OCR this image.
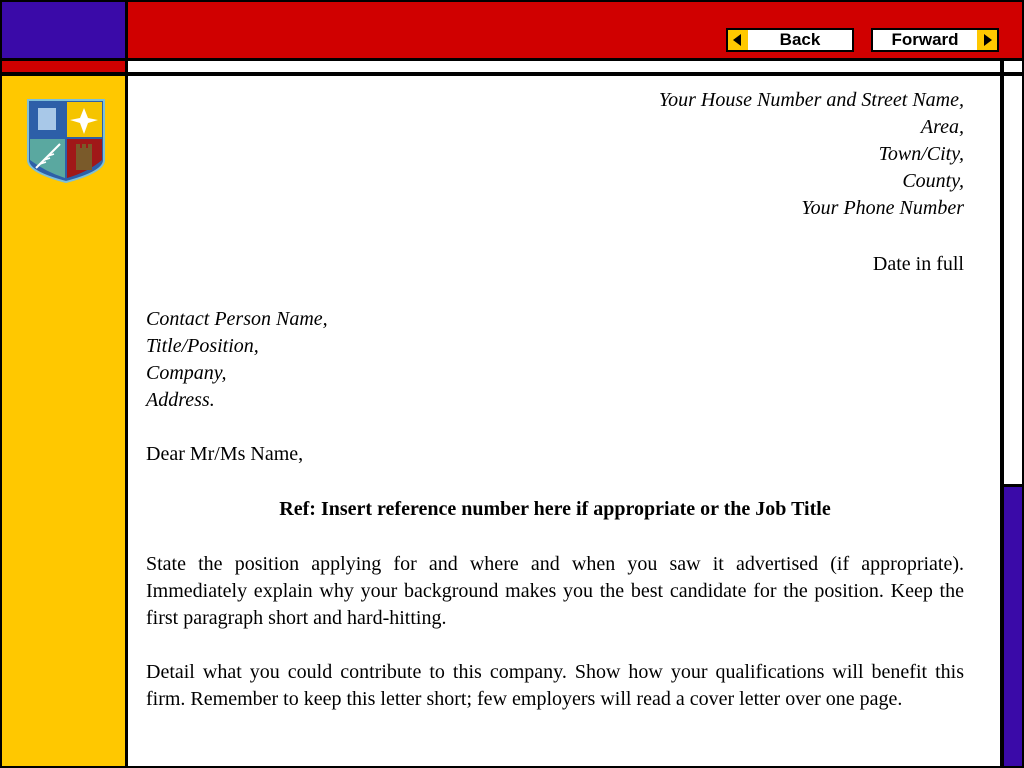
Back	Forward
Your House Number and Street Name,
Area,
Town/City,
County,
Your Phone Number
Date in full
Contact Person Name,
Title/Position,
Company,
Address.
Dear Mr/Ms Name,
Ref: Insert reference number here if appropriate or the Job Title
State the position applying for and where and when you saw it advertised (if appropriate). Immediately explain why your background makes you the best candidate for the position. Keep the first paragraph short and hard-hitting.
Detail what you could contribute to this company. Show how your qualifications will benefit this firm. Remember to keep this letter short; few employers will read a cover letter over one page.
